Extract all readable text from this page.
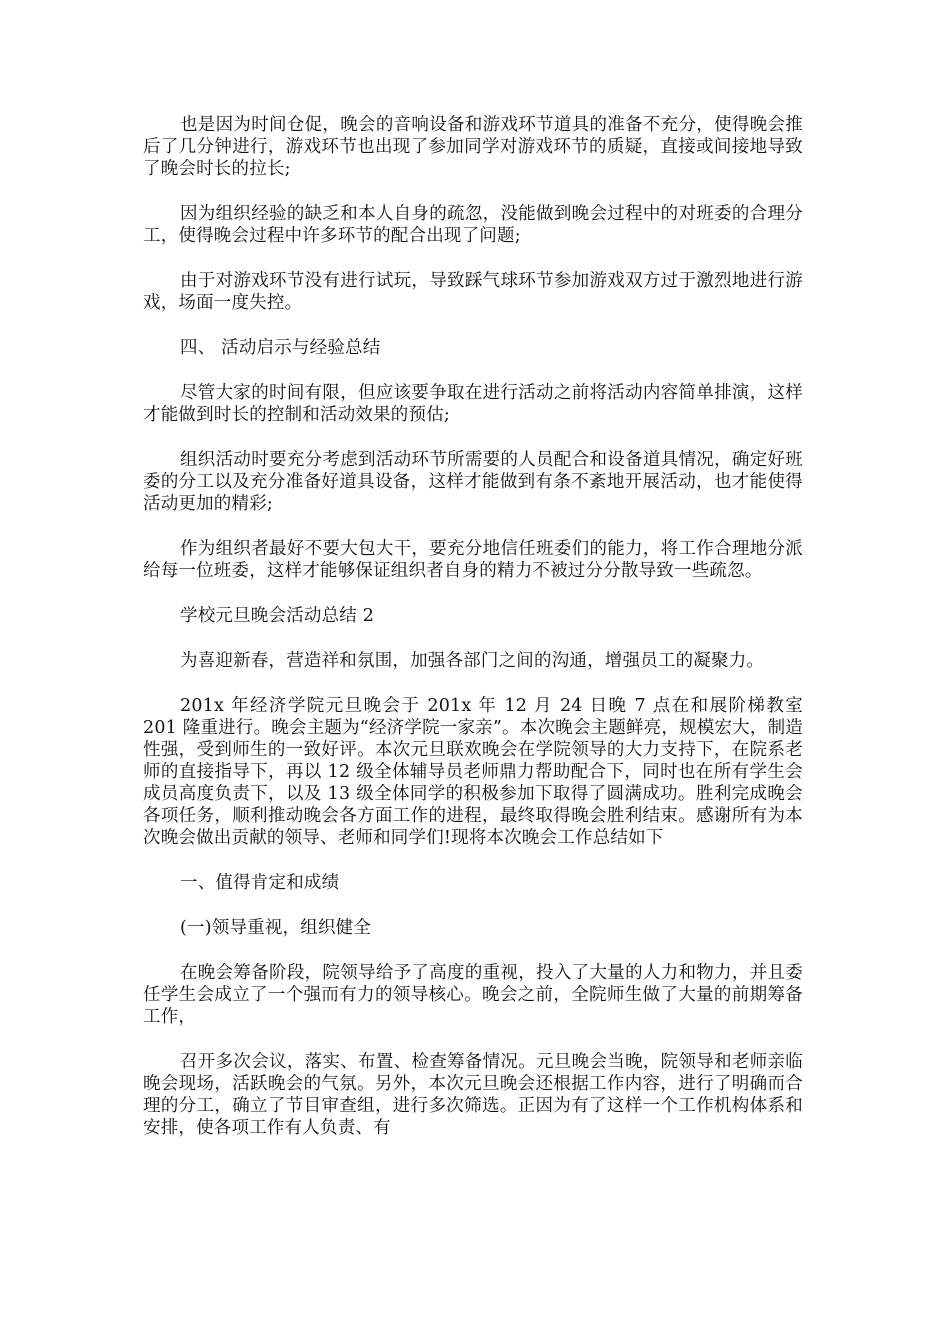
也是因为时间仓促，晚会的音响设备和游戏环节道具的准备不充分，使得晚会推后了几分钟进行，游戏环节也出现了参加同学对游戏环节的质疑，直接或间接地导致了晚会时长的拉长;

因为组织经验的缺乏和本人自身的疏忽，没能做到晚会过程中的对班委的合理分工，使得晚会过程中许多环节的配合出现了问题;

由于对游戏环节没有进行试玩，导致踩气球环节参加游戏双方过于激烈地进行游戏，场面一度失控。

四、 活动启示与经验总结

尽管大家的时间有限，但应该要争取在进行活动之前将活动内容简单排演，这样才能做到时长的控制和活动效果的预估;

组织活动时要充分考虑到活动环节所需要的人员配合和设备道具情况，确定好班委的分工以及充分准备好道具设备，这样才能做到有条不紊地开展活动，也才能使得活动更加的精彩;

作为组织者最好不要大包大干，要充分地信任班委们的能力，将工作合理地分派给每一位班委，这样才能够保证组织者自身的精力不被过分分散导致一些疏忽。

学校元旦晚会活动总结 2

为喜迎新春，营造祥和氛围，加强各部门之间的沟通，增强员工的凝聚力。

201x 年经济学院元旦晚会于 201x 年 12 月 24 日晚 7 点在和展阶梯教室 201 隆重进行。晚会主题为“经济学院一家亲”。本次晚会主题鲜亮，规模宏大，制造性强，受到师生的一致好评。本次元旦联欢晚会在学院领导的大力支持下，在院系老师的直接指导下，再以 12 级全体辅导员老师鼎力帮助配合下，同时也在所有学生会成员高度负责下，以及 13 级全体同学的积极参加下取得了圆满成功。胜利完成晚会各项任务，顺利推动晚会各方面工作的进程，最终取得晚会胜利结束。感谢所有为本次晚会做出贡献的领导、老师和同学们!现将本次晚会工作总结如下

一、值得肯定和成绩

(一)领导重视，组织健全

在晚会筹备阶段，院领导给予了高度的重视，投入了大量的人力和物力，并且委任学生会成立了一个强而有力的领导核心。晚会之前，全院师生做了大量的前期筹备工作，

召开多次会议，落实、布置、检查筹备情况。元旦晚会当晚，院领导和老师亲临晚会现场，活跃晚会的气氛。另外，本次元旦晚会还根据工作内容，进行了明确而合理的分工，确立了节目审查组，进行多次筛选。正因为有了这样一个工作机构体系和安排，使各项工作有人负责、有
